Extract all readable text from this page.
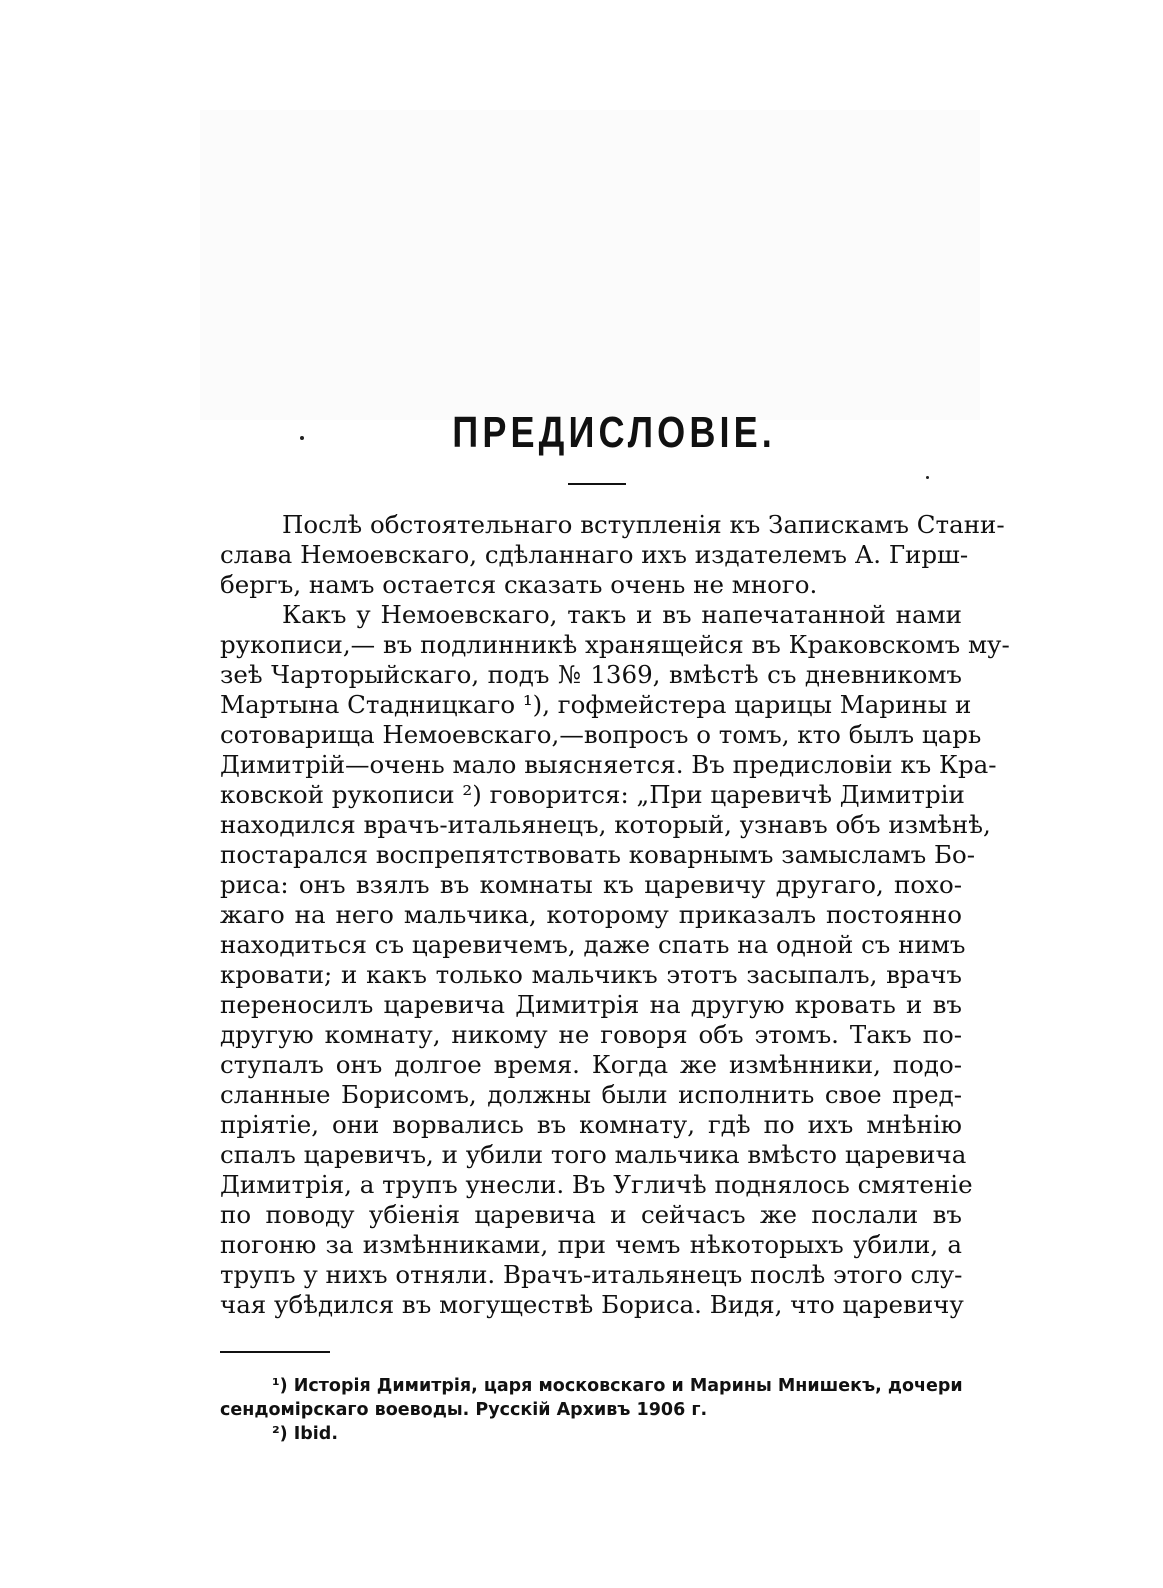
ПРЕДИСЛОВІЕ.
Послѣ обстоятельнаго вступленія къ Запискамъ Стани-
слава Немоевскаго, сдѣланнаго ихъ издателемъ А. Гирш-
бергъ, намъ остается сказать очень не много.
Какъ у Немоевскаго, такъ и въ напечатанной нами
рукописи,— въ подлинникѣ хранящейся въ Краковскомъ му-
зеѣ Чарторыйскаго, подъ № 1369, вмѣстѣ съ дневникомъ
Мартына Стадницкаго ¹), гофмейстера царицы Марины и
сотоварища Немоевскаго,—вопросъ о томъ, кто былъ царь
Димитрій—очень мало выясняется. Въ предисловіи къ Кра-
ковской рукописи ²) говорится: „При царевичѣ Димитріи
находился врачъ-итальянецъ, который, узнавъ объ измѣнѣ,
постарался воспрепятствовать коварнымъ замысламъ Бо-
риса: онъ взялъ въ комнаты къ царевичу другаго, похо-
жаго на него мальчика, которому приказалъ постоянно
находиться съ царевичемъ, даже спать на одной съ нимъ
кровати; и какъ только мальчикъ этотъ засыпалъ, врачъ
переносилъ царевича Димитрія на другую кровать и въ
другую комнату, никому не говоря объ этомъ. Такъ по-
ступалъ онъ долгое время. Когда же измѣнники, подо-
сланные Борисомъ, должны были исполнить свое пред-
пріятіе, они ворвались въ комнату, гдѣ по ихъ мнѣнію
спалъ царевичъ, и убили того мальчика вмѣсто царевича
Димитрія, а трупъ унесли. Въ Угличѣ поднялось смятеніе
по поводу убіенія царевича и сейчасъ же послали въ
погоню за измѣнниками, при чемъ нѣкоторыхъ убили, а
трупъ у нихъ отняли. Врачъ-итальянецъ послѣ этого слу-
чая убѣдился въ могуществѣ Бориса. Видя, что царевичу
¹) Исторія Димитрія, царя московскаго и Марины Мнишекъ, дочери
сендомірскаго воеводы. Русскій Архивъ 1906 г.
²) Ibid.
